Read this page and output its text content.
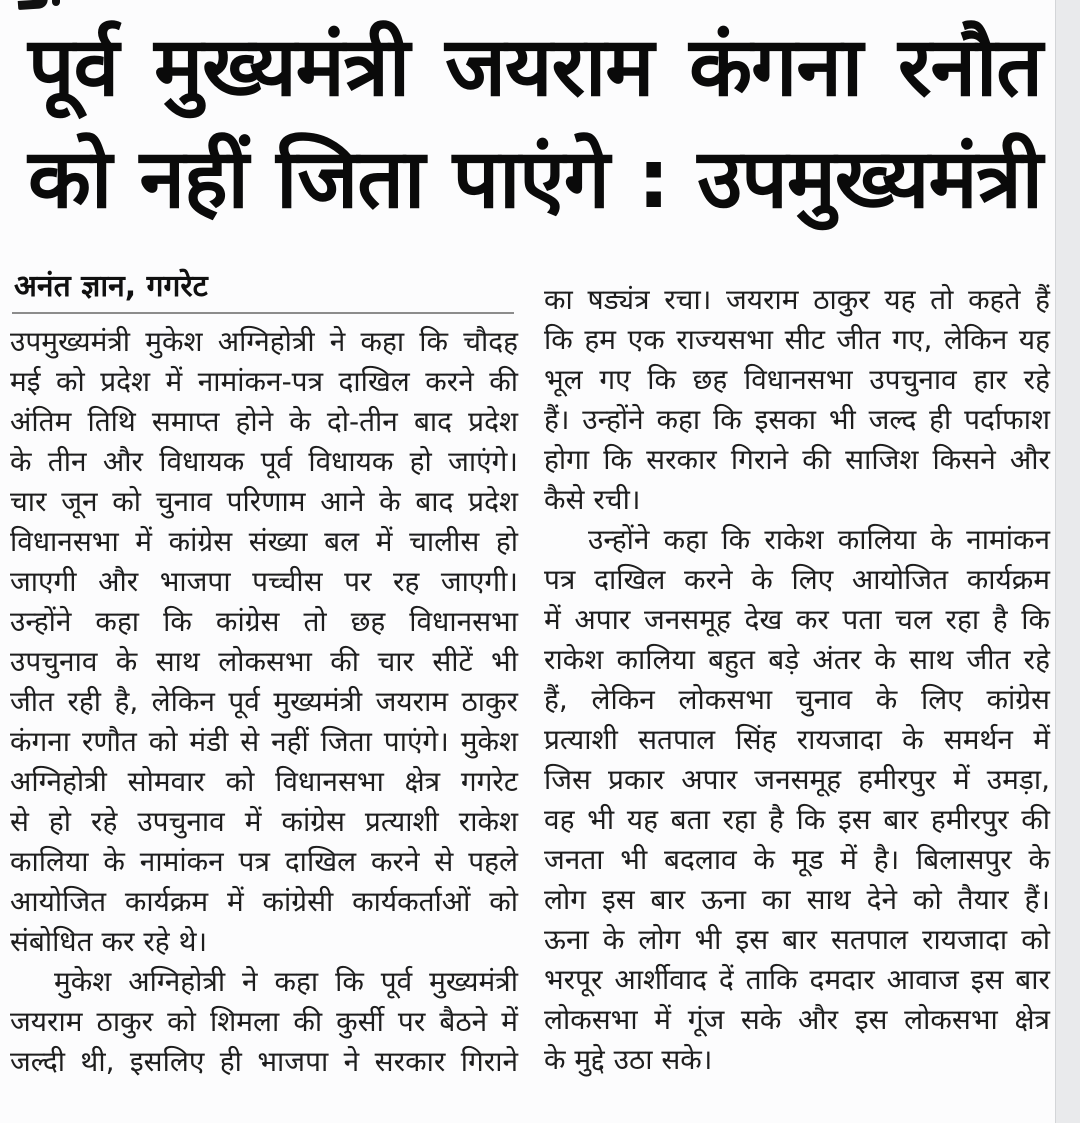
पूर्व मुख्यमंत्री जयराम कंगना रनौत
को नहीं जिता पाएंगे : उपमुख्यमंत्री
अनंत ज्ञान, गगरेट
उपमुख्यमंत्री मुकेश अग्निहोत्री ने कहा कि चौदह
मई को प्रदेश में नामांकन-पत्र दाखिल करने की
अंतिम तिथि समाप्त होने के दो-तीन बाद प्रदेश
के तीन और विधायक पूर्व विधायक हो जाएंगे।
चार जून को चुनाव परिणाम आने के बाद प्रदेश
विधानसभा में कांग्रेस संख्या बल में चालीस हो
जाएगी और भाजपा पच्चीस पर रह जाएगी।
उन्होंने कहा कि कांग्रेस तो छह विधानसभा
उपचुनाव के साथ लोकसभा की चार सीटें भी
जीत रही है, लेकिन पूर्व मुख्यमंत्री जयराम ठाकुर
कंगना रणौत को मंडी से नहीं जिता पाएंगे। मुकेश
अग्निहोत्री सोमवार को विधानसभा क्षेत्र गगरेट
से हो रहे उपचुनाव में कांग्रेस प्रत्याशी राकेश
कालिया के नामांकन पत्र दाखिल करने से पहले
आयोजित कार्यक्रम में कांग्रेसी कार्यकर्ताओं को
संबोधित कर रहे थे।
मुकेश अग्निहोत्री ने कहा कि पूर्व मुख्यमंत्री
जयराम ठाकुर को शिमला की कुर्सी पर बैठने में
जल्दी थी, इसलिए ही भाजपा ने सरकार गिराने
का षड्यंत्र रचा। जयराम ठाकुर यह तो कहते हैं
कि हम एक राज्यसभा सीट जीत गए, लेकिन यह
भूल गए कि छह विधानसभा उपचुनाव हार रहे
हैं। उन्होंने कहा कि इसका भी जल्द ही पर्दाफाश
होगा कि सरकार गिराने की साजिश किसने और
कैसे रची।
उन्होंने कहा कि राकेश कालिया के नामांकन
पत्र दाखिल करने के लिए आयोजित कार्यक्रम
में अपार जनसमूह देख कर पता चल रहा है कि
राकेश कालिया बहुत बड़े अंतर के साथ जीत रहे
हैं, लेकिन लोकसभा चुनाव के लिए कांग्रेस
प्रत्याशी सतपाल सिंह रायजादा के समर्थन में
जिस प्रकार अपार जनसमूह हमीरपुर में उमड़ा,
वह भी यह बता रहा है कि इस बार हमीरपुर की
जनता भी बदलाव के मूड में है। बिलासपुर के
लोग इस बार ऊना का साथ देने को तैयार हैं।
ऊना के लोग भी इस बार सतपाल रायजादा को
भरपूर आर्शीवाद दें ताकि दमदार आवाज इस बार
लोकसभा में गूंज सके और इस लोकसभा क्षेत्र
के मुद्दे उठा सके।
